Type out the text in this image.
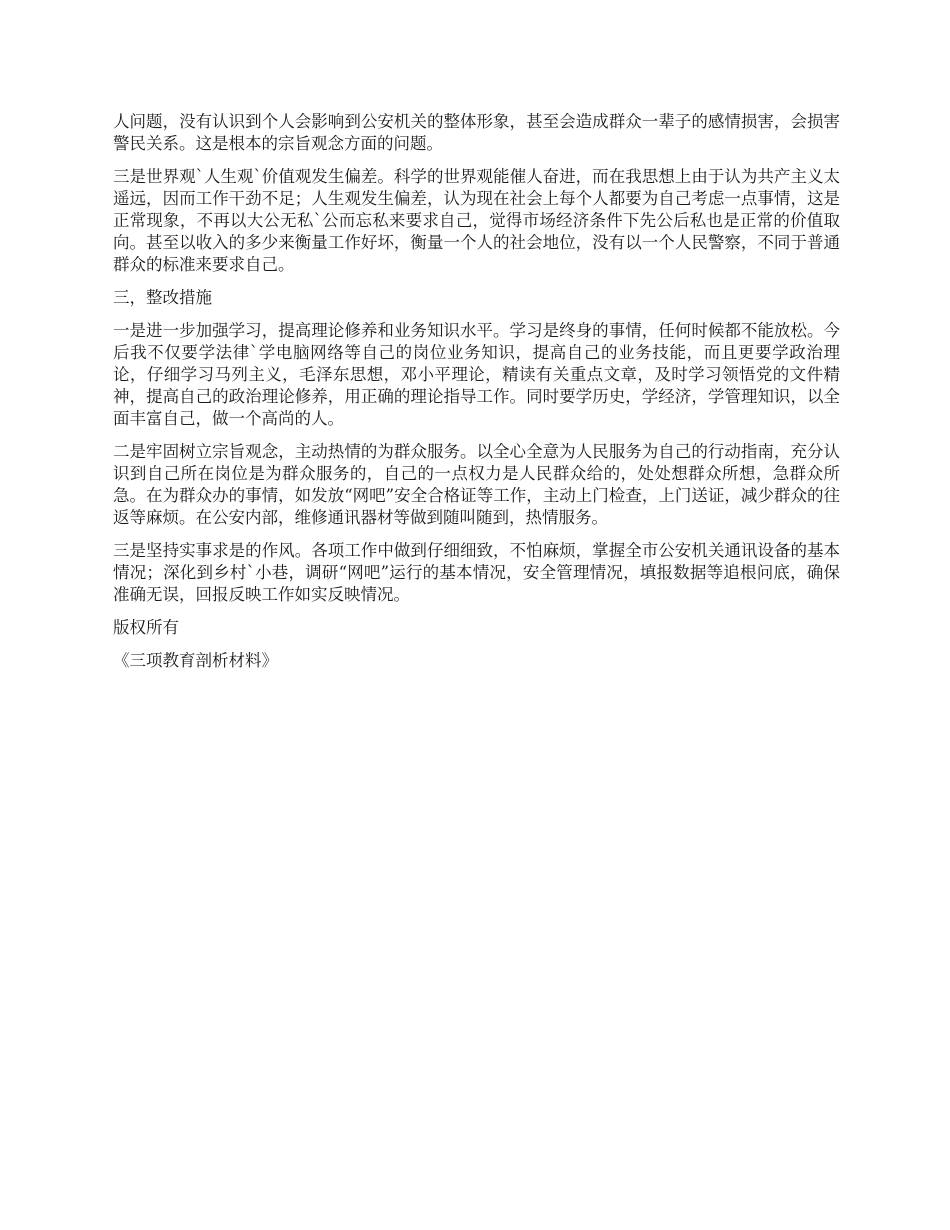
人问题，没有认识到个人会影响到公安机关的整体形象，甚至会造成群众一辈子的感情损害，会损害警民关系。这是根本的宗旨观念方面的问题。

三是世界观`人生观`价值观发生偏差。科学的世界观能催人奋进，而在我思想上由于认为共产主义太遥远，因而工作干劲不足；人生观发生偏差，认为现在社会上每个人都要为自己考虑一点事情，这是正常现象，不再以大公无私`公而忘私来要求自己，觉得市场经济条件下先公后私也是正常的价值取向。甚至以收入的多少来衡量工作好坏，衡量一个人的社会地位，没有以一个人民警察，不同于普通群众的标准来要求自己。

三，整改措施

一是进一步加强学习，提高理论修养和业务知识水平。学习是终身的事情，任何时候都不能放松。今后我不仅要学法律`学电脑网络等自己的岗位业务知识，提高自己的业务技能，而且更要学政治理论，仔细学习马列主义，毛泽东思想，邓小平理论，精读有关重点文章，及时学习领悟党的文件精神，提高自己的政治理论修养，用正确的理论指导工作。同时要学历史，学经济，学管理知识，以全面丰富自己，做一个高尚的人。

二是牢固树立宗旨观念，主动热情的为群众服务。以全心全意为人民服务为自己的行动指南，充分认识到自己所在岗位是为群众服务的，自己的一点权力是人民群众给的，处处想群众所想，急群众所急。在为群众办的事情，如发放“网吧”安全合格证等工作，主动上门检查，上门送证，减少群众的往返等麻烦。在公安内部，维修通讯器材等做到随叫随到，热情服务。

三是坚持实事求是的作风。各项工作中做到仔细细致，不怕麻烦，掌握全市公安机关通讯设备的基本情况；深化到乡村`小巷，调研“网吧”运行的基本情况，安全管理情况，填报数据等追根问底，确保准确无误，回报反映工作如实反映情况。

版权所有

《三项教育剖析材料》
